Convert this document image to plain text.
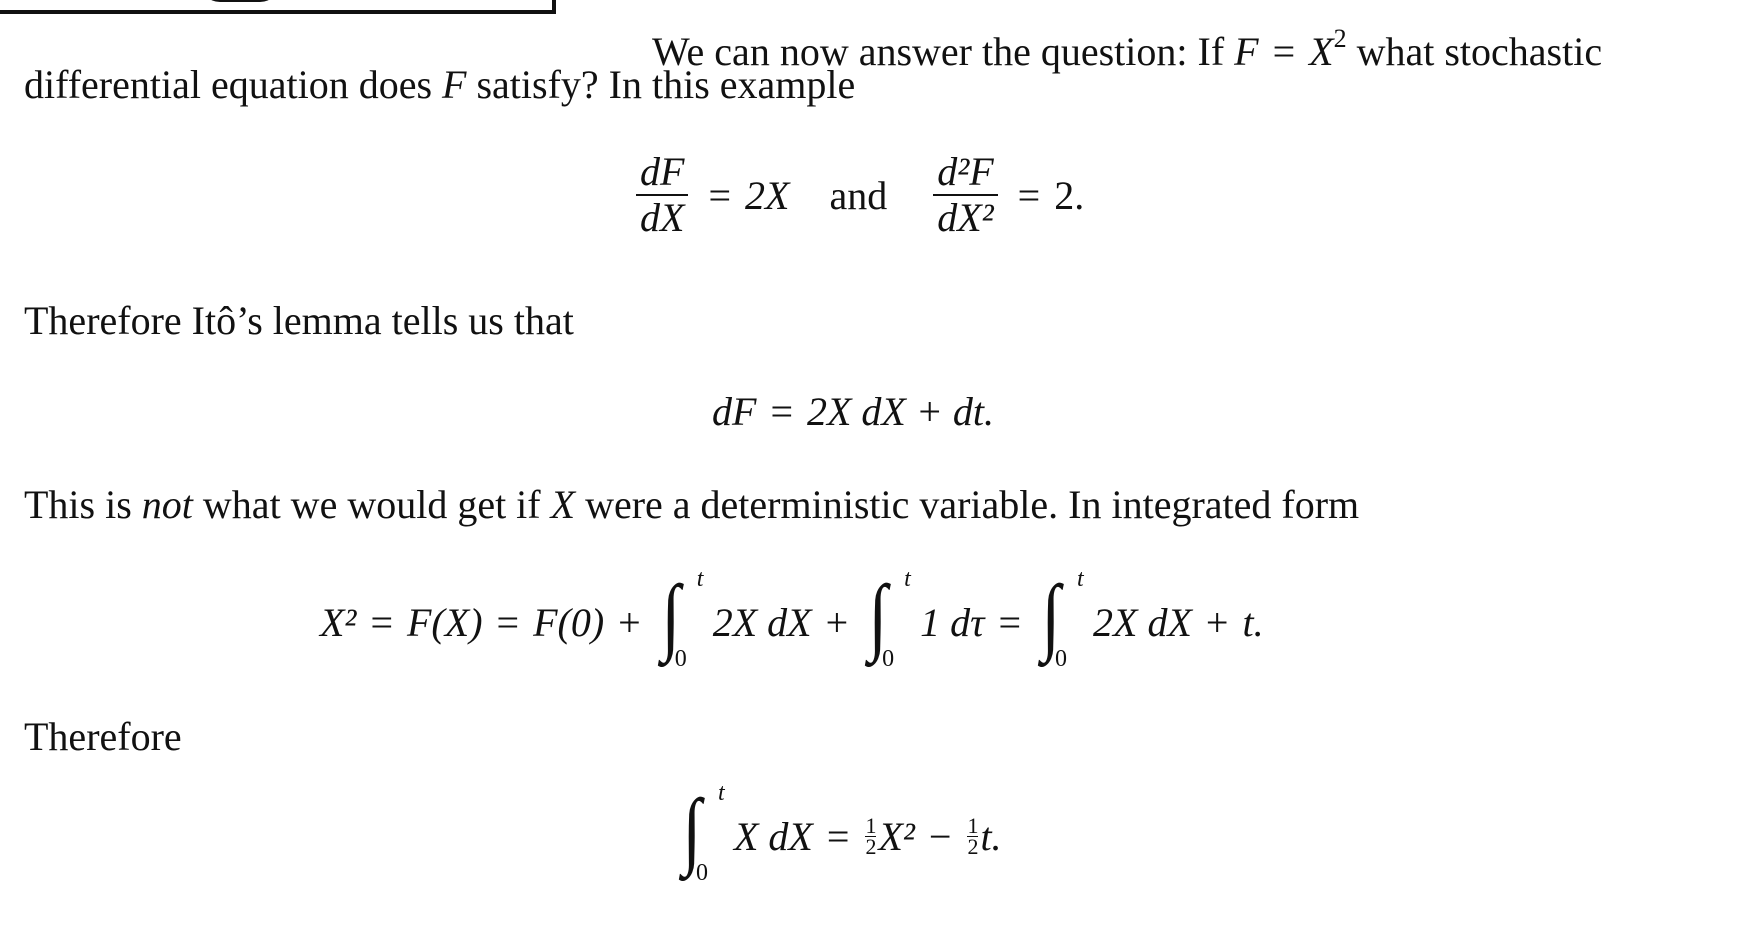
We can now answer the question: If $F = X^2$ what stochastic
differential equation does F satisfy? In this example
$\frac{dF}{dX} = 2X$ and $\frac{\text{d²F}}{\text{dX²}} = 2$.
Therefore Itô’s lemma tells us that
dF = 2X dX + dt.
This is not what we would get if X were a deterministic variable. In integrated form
X² = F(X) = F(0) + ∫ t
0
2X dX + ∫ t
0
1 dτ = ∫ t
0
2X dX + t.
Therefore
∫ t
0
X dX = $\frac{1}{2} X^2 - \frac{1}{2} t$.
